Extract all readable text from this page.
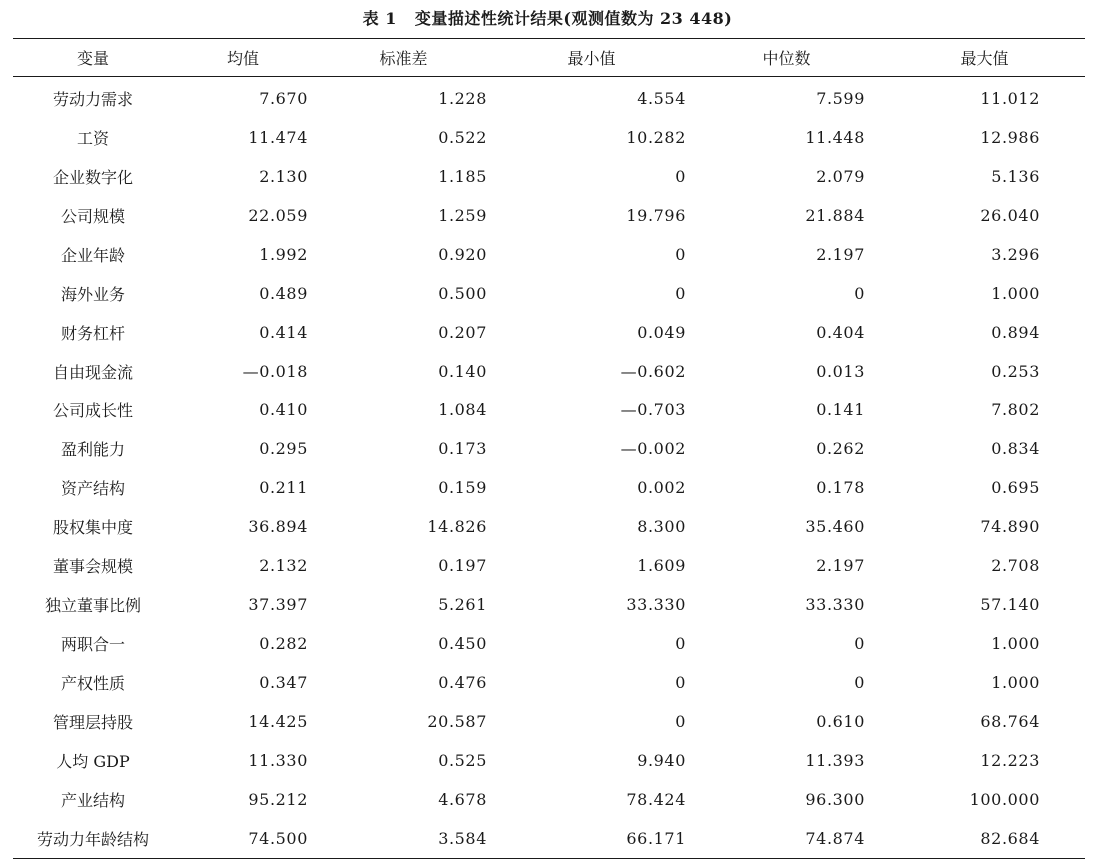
表 1 变量描述性统计结果(观测值数为 23 448)
变量	均值	标准差	最小值	中位数	最大值
劳动力需求	7.670	1.228	4.554	7.599	11.012
工资	11.474	0.522	10.282	11.448	12.986
企业数字化	2.130	1.185	0	2.079	5.136
公司规模	22.059	1.259	19.796	21.884	26.040
企业年龄	1.992	0.920	0	2.197	3.296
海外业务	0.489	0.500	0	0	1.000
财务杠杆	0.414	0.207	0.049	0.404	0.894
自由现金流	—0.018	0.140	—0.602	0.013	0.253
公司成长性	0.410	1.084	—0.703	0.141	7.802
盈利能力	0.295	0.173	—0.002	0.262	0.834
资产结构	0.211	0.159	0.002	0.178	0.695
股权集中度	36.894	14.826	8.300	35.460	74.890
董事会规模	2.132	0.197	1.609	2.197	2.708
独立董事比例	37.397	5.261	33.330	33.330	57.140
两职合一	0.282	0.450	0	0	1.000
产权性质	0.347	0.476	0	0	1.000
管理层持股	14.425	20.587	0	0.610	68.764
人均 GDP	11.330	0.525	9.940	11.393	12.223
产业结构	95.212	4.678	78.424	96.300	100.000
劳动力年龄结构	74.500	3.584	66.171	74.874	82.684
